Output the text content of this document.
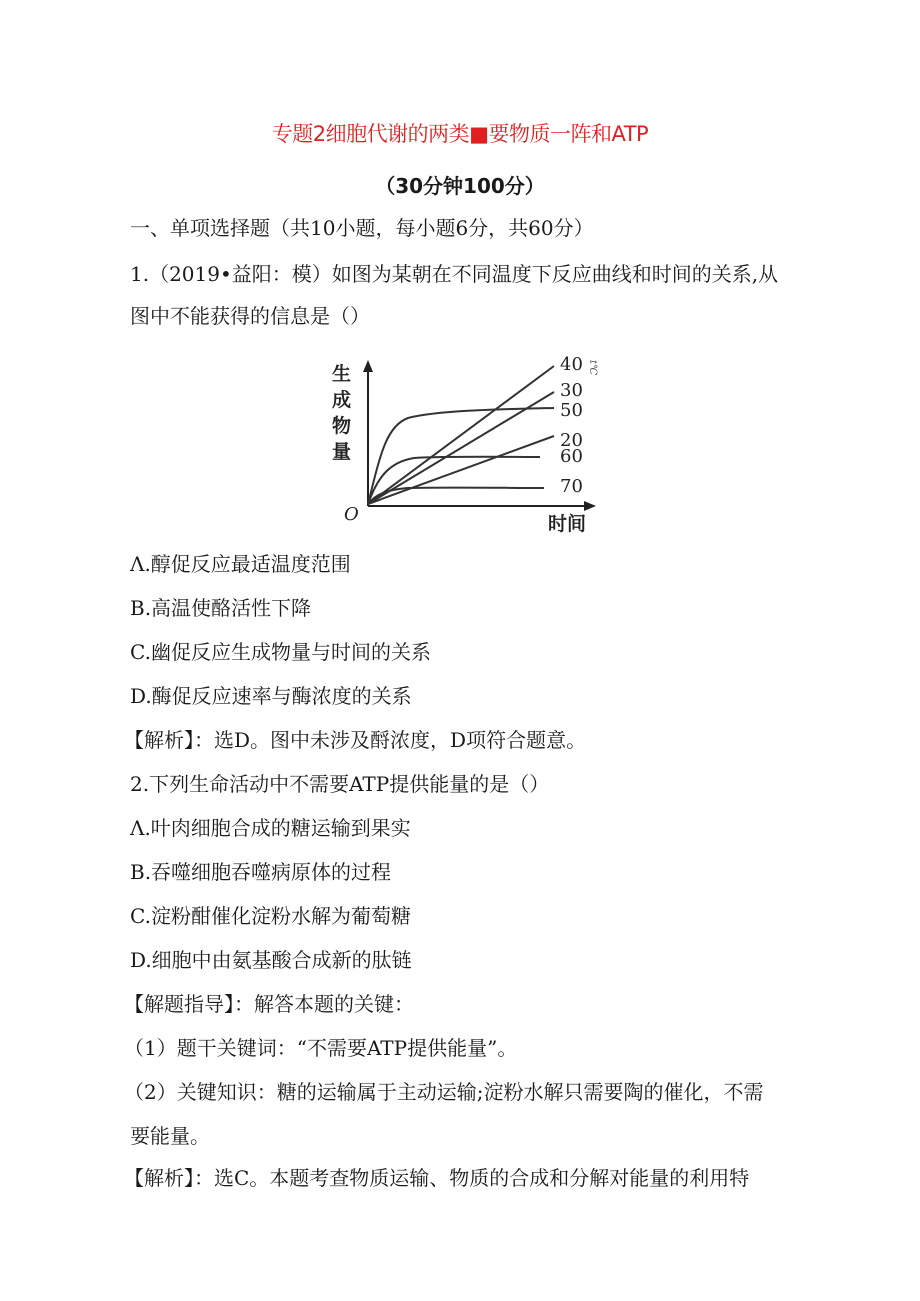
专题2细胞代谢的两类■要物质一阵和ATP
（30分钟100分）
一、单项选择题（共10小题，每小题6分，共60分）
1.（2019•益阳：模）如图为某朝在不同温度下反应曲线和时间的关系,从
图中不能获得的信息是（）
生
成
物
量
O	时间
40
30
50
20
60
70
t℃
Λ.醇促反应最适温度范围
B.高温使酪活性下降
C.幽促反应生成物量与时间的关系
D.酶促反应速率与酶浓度的关系
【解析】：选D。图中未涉及酹浓度，D项符合题意。
2.下列生命活动中不需要ATP提供能量的是（）
Λ.叶肉细胞合成的糖运输到果实
B.吞噬细胞吞噬病原体的过程
C.淀粉酣催化淀粉水解为葡萄糖
D.细胞中由氨基酸合成新的肽链
【解题指导】：解答本题的关键：
（1）题干关键词：“不需要ATP提供能量”。
（2）关键知识：糖的运输属于主动运输;淀粉水解只需要陶的催化，不需
要能量。
【解析】：选C。本题考查物质运输、物质的合成和分解对能量的利用特
